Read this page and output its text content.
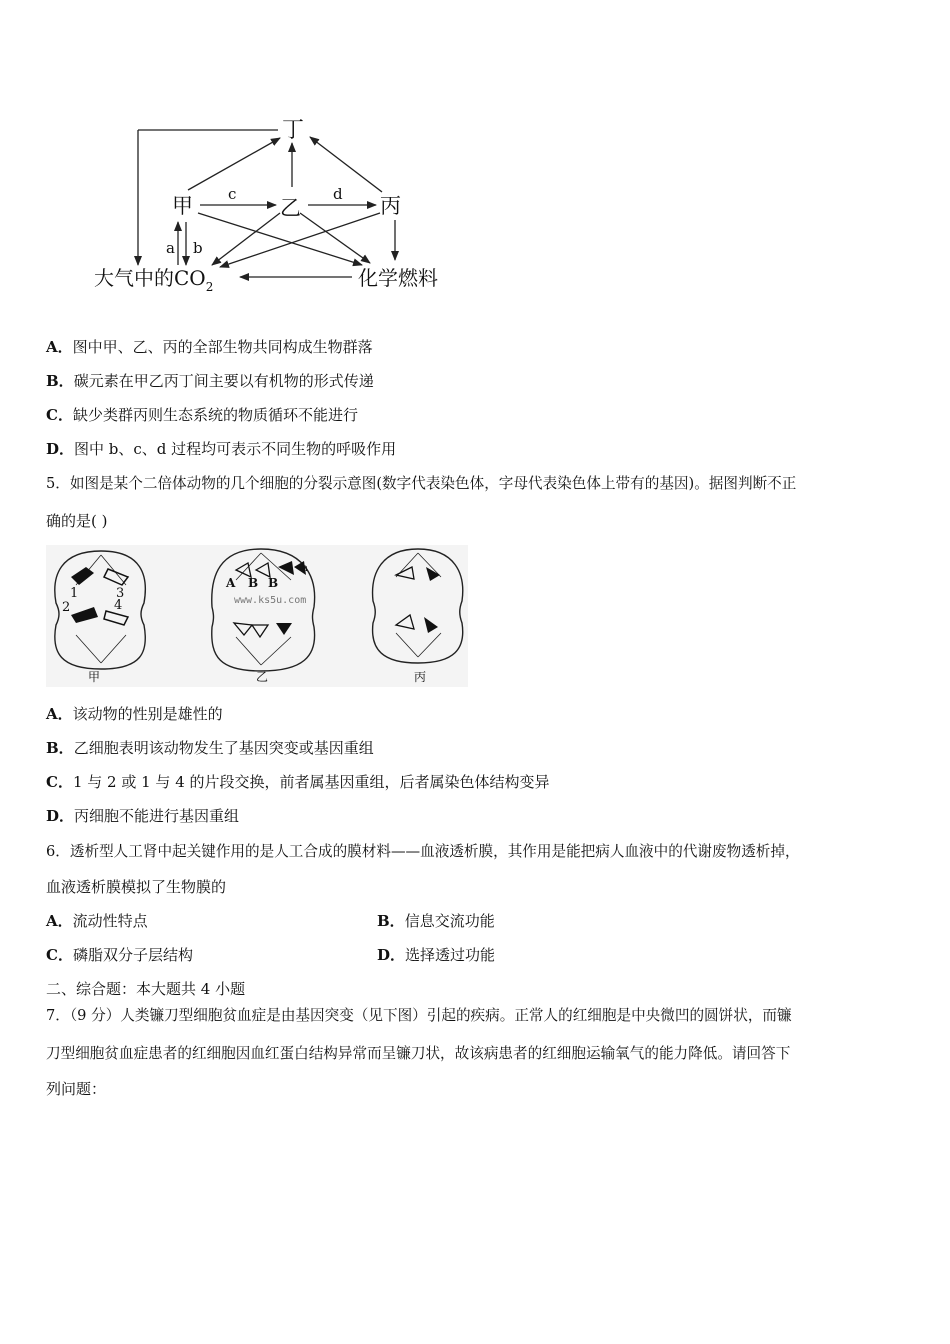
丁
甲	乙	丙
大气中的$CO_2$	化学燃料
a b
c	d
A．图中甲、乙、丙的全部生物共同构成生物群落
B．碳元素在甲乙丙丁间主要以有机物的形式传递
C．缺少类群丙则生态系统的物质循环不能进行
D．图中 b、c、d 过程均可表示不同生物的呼吸作用
5．如图是某个二倍体动物的几个细胞的分裂示意图(数字代表染色体，字母代表染色体上带有的基因)。据图判断不正
确的是( )
1	3
2	4
A B B
a
www.ks5u.com
甲	乙	丙
A．该动物的性别是雄性的
B．乙细胞表明该动物发生了基因突变或基因重组
C．1 与 2 或 1 与 4 的片段交换，前者属基因重组，后者属染色体结构变异
D．丙细胞不能进行基因重组
6．透析型人工肾中起关键作用的是人工合成的膜材料——血液透析膜，其作用是能把病人血液中的代谢废物透析掉，
血液透析膜模拟了生物膜的
A．流动性特点	B．信息交流功能
C．磷脂双分子层结构	D．选择透过功能
二、综合题：本大题共 4 小题
7．（9 分）人类镰刀型细胞贫血症是由基因突变（见下图）引起的疾病。正常人的红细胞是中央微凹的圆饼状，而镰
刀型细胞贫血症患者的红细胞因血红蛋白结构异常而呈镰刀状，故该病患者的红细胞运输氧气的能力降低。请回答下
列问题：
